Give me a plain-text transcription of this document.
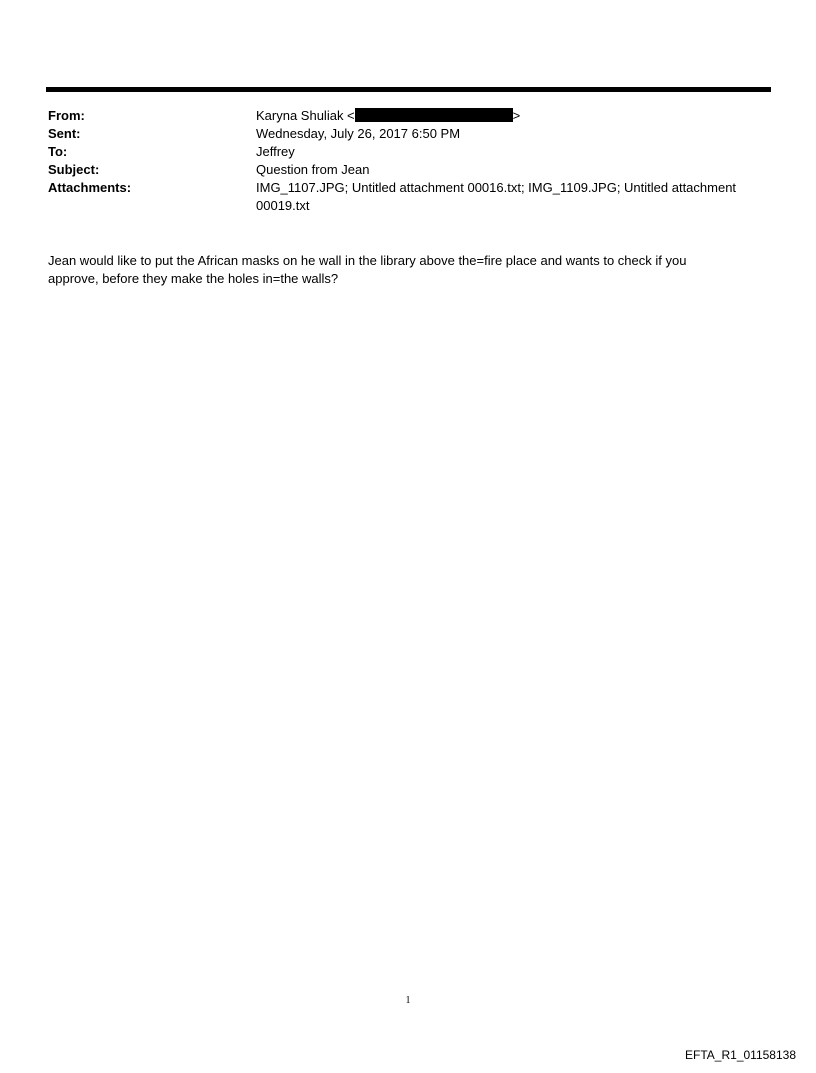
From:	Karyna Shuliak <	>
Sent:	Wednesday, July 26, 2017 6:50 PM
To:	Jeffrey
Subject:	Question from Jean
Attachments:	IMG_1107.JPG; Untitled attachment 00016.txt; IMG_1109.JPG; Untitled attachment 00019.txt
Jean would like to put the African masks on he wall in the library above the=fire place and wants to check if you approve, before they make the holes in=the walls?
1
EFTA_R1_01158138
